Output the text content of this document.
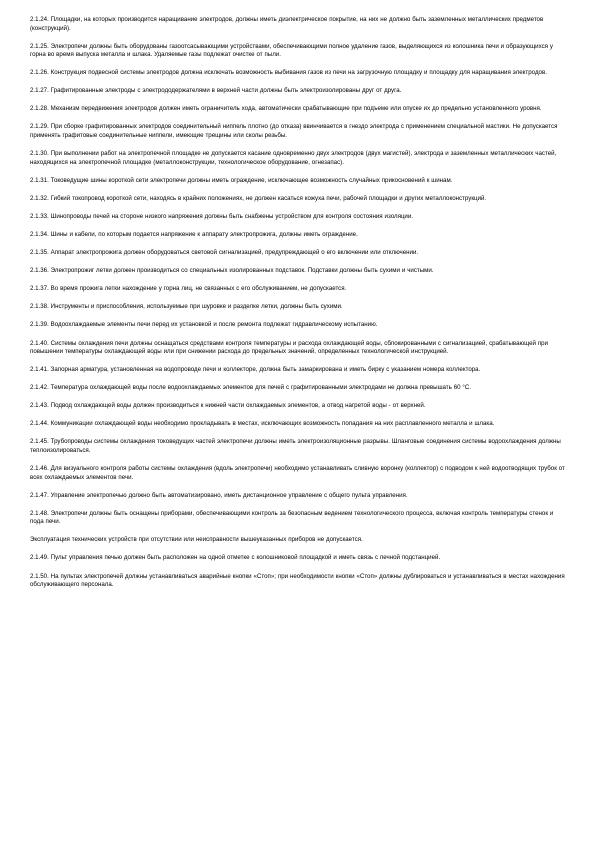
2.1.24. Площадки, на которых производится наращивание электродов, должны иметь диэлектрическое покрытие, на них не должно быть заземленных металлических предметов (конструкций).

2.1.25. Электропечи должны быть оборудованы газоотсасывающими устройствами, обеспечивающими полное удаление газов, выделяющихся из колошника печи и образующихся у горна во время выпуска металла и шлака. Удаляемые газы подлежат очистке от пыли.

2.1.26. Конструкция подвесной системы электродов должна исключать возможность выбивания газов из печи на загрузочную площадку и площадку для наращивания электродов.

2.1.27. Графитированные электроды с электрододержателями в верхней части должны быть электроизолированы друг от друга.

2.1.28. Механизм передвижения электродов должен иметь ограничитель хода, автоматически срабатывающие при подъеме или опуске их до предельно установленного уровня.

2.1.29. При сборке графитированных электродов соединительный ниппель плотно (до отказа) ввинчивается в гнездо электрода с применением специальной мастики. Не допускается применять графитовые соединительные ниппели, имеющие трещины или сколы резьбы.

2.1.30. При выполнении работ на электропечной площадке не допускается касание одновременно двух электродов (двух магистей), электрода и заземленных металлических частей, находящихся на электропечной площадке (металлоконструкции, технологическое оборудование, огнезапас).

2.1.31. Токоведущие шины короткой сети электропечи должны иметь ограждение, исключающее возможность случайных прикосновений к шинам.

2.1.32. Гибкий токопровод короткой сети, находясь в крайних положениях, не должен касаться кожуха печи, рабочей площадки и других металлоконструкций.

2.1.33. Шинопроводы печей на стороне низкого напряжения должны быть снабжены устройством для контроля состояния изоляции.

2.1.34. Шины и кабели, по которым подается напряжение к аппарату электропрожига, должны иметь ограждение.

2.1.35. Аппарат электропрожига должен оборудоваться световой сигнализацией, предупреждающей о его включении или отключении.

2.1.36. Электропрожиг летки должен производиться со специальных изолированных подставок. Подставки должны быть сухими и чистыми.

2.1.37. Во время прожига летки нахождение у горна лиц, не связанных с его обслуживанием, не допускается.

2.1.38. Инструменты и приспособления, используемые при шуровке и разделке летки, должны быть сухими.

2.1.39. Водоохлаждаемые элементы печи перед их установкой и после ремонта подлежат гидравлическому испытанию.

2.1.40. Системы охлаждения печи должны оснащаться средствами контроля температуры и расхода охлаждающей воды, сблокированными с сигнализацией, срабатывающей при повышении температуры охлаждающей воды или при снижении расхода до предельных значений, определенных технологической инструкцией.

2.1.41. Запорная арматура, установленная на водопроводе печи и коллекторе, должна быть замаркирована и иметь бирку с указанием номера коллектора.

2.1.42. Температура охлаждающей воды после водоохлаждаемых элементов для печей с графитированными электродами не должна превышать 60 °С.

2.1.43. Подвод охлаждающей воды должен производиться к нижней части охлаждаемых элементов, а отвод нагретой воды - от верхней.

2.1.44. Коммуникации охлаждающей воды необходимо прокладывать в местах, исключающих возможность попадания на них расплавленного металла и шлака.

2.1.45. Трубопроводы системы охлаждения токоведущих частей электропечи должны иметь электроизоляционные разрывы. Шланговые соединения системы водоохлаждения должны теплоизолироваться.

2.1.46. Для визуального контроля работы системы охлаждения (вдоль электропечи) необходимо устанавливать сливную воронку (коллектор) с подводом к ней водоотводящих трубок от всех охлаждаемых элементов печи.

2.1.47. Управление электропечью должно быть автоматизировано, иметь дистанционное управление с общего пульта управления.

2.1.48. Электропечи должны быть оснащены приборами, обеспечивающими контроль за безопасным ведением технологического процесса, включая контроль температуры стенок и пода печи.

Эксплуатация технических устройств при отсутствии или неисправности вышеуказанных приборов не допускается.

2.1.49. Пульт управления печью должен быть расположен на одной отметке с колошниковой площадкой и иметь связь с печной подстанцией.

2.1.50. На пультах электропечей должны устанавливаться аварийные кнопки «Стоп»; при необходимости кнопки «Стоп» должны дублироваться и устанавливаться в местах нахождения обслуживающего персонала.
